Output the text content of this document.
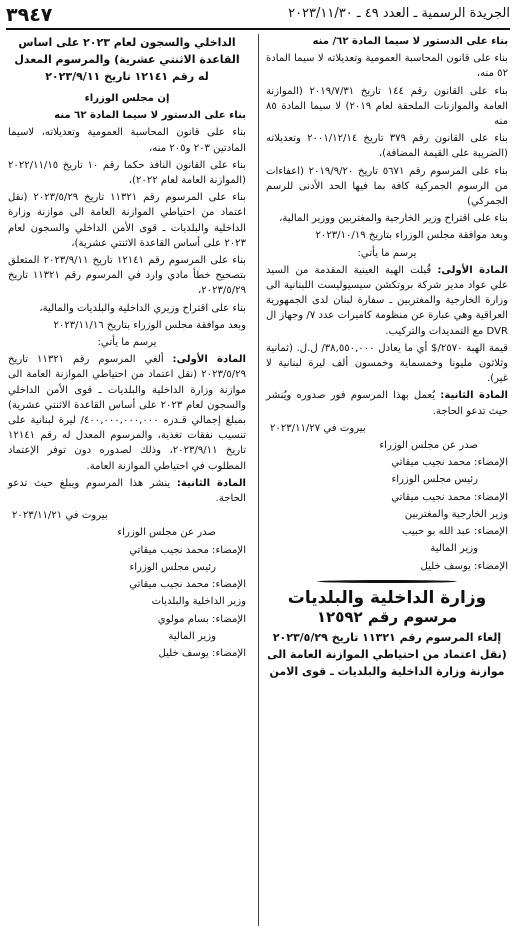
الجريدة الرسمية ـ العدد ٤٩ ـ ٢٠٢٣/١١/٣٠
٣٩٤٧

بناء على الدستور لا سيما المادة ٦٢/ منه

بناء على قانون المحاسبة العمومية وتعديلاته لا سيما المادة ٥٢ منه،

بناء على القانون رقم ١٤٤ تاريخ ٢٠١٩/٧/٣١ (الموازنة العامة والموازنات الملحقة لعام ٢٠١٩) لا سيما المادة ٨٥ منه

بناء على القانون رقم ٣٧٩ تاريخ ٢٠٠١/١٢/١٤ وتعديلاته (الضريبة على القيمة المضافة)،

بناء على المرسوم رقم ٥٦٧١ تاريخ ٢٠١٩/٩/٢٠ (اعفاءات من الرسوم الجمركية كافة بما فيها الحد الأدنى للرسم الجمركي)

بناء على اقتراح وزير الخارجية والمغتربين ووزير المالية،

وبعد موافقة مجلس الوزراء بتاريخ ٢٠٢٣/١٠/١٩

يرسم ما يأتي:

المادة الأولى: قُبلت الهبة العينية المقدمة من السيد علي عواد مدير شركة بروتكشن سيسيوليست اللبنانية الى وزارة الخارجية والمغتربين ـ سفارة لبنان لدى الجمهورية العراقية وهي عبارة عن منظومة كاميرات عدد ٧/ وجهاز ال DVR مع التمديدات والتركيب.

قيمة الهبة ٢٥٧٠/$ أي ما يعادل ٣٨,٥٥٠,٠٠٠/ ل.ل. (ثمانية وثلاثون مليونا وخمسماية وخمسون ألف ليرة لبنانية لا غير).

المادة الثانية: يُعمل بهذا المرسوم فور صدوره ويُنشر حيث تدعو الحاجة.

بيروت في ٢٠٢٣/١١/٢٧

صدر عن مجلس الوزراء

الإمضاء: محمد نجيب ميقاتي

رئيس مجلس الوزراء

الإمضاء: محمد نجيب ميقاتي

وزير الخارجية والمغتربين

الإمضاء: عبد الله بو حبيب

وزير المالية

الإمضاء: يوسف خليل

وزارة الداخلية والبلديات
مرسوم رقم ١٢٥٩٢
إلغاء المرسوم رقم ١١٣٢١ تاريخ ٢٠٢٣/٥/٢٩ (نقل اعتماد من احتياطي الموازنة العامة الى موازنة وزارة الداخلية والبلديات ـ قوى الامن
الداخلي والسجون لعام ٢٠٢٣ على اساس القاعدة الاثنتي عشرية) والمرسوم المعدل له رقم ١٢١٤١ تاريخ ٢٠٢٣/٩/١١

إن مجلس الوزراء

بناء على الدستور لا سيما المادة ٦٢ منه

بناء على قانون المحاسبة العمومية وتعديلاته، لاسيما المادتين ٢٠٣ و٢٠٥ منه،

بناء على القانون النافذ حكما رقم ١٠ تاريخ ٢٠٢٢/١١/١٥ (الموازنة العامة لعام ٢٠٢٢)،

بناء على المرسوم رقم ١١٣٢١ تاريخ ٢٠٢٣/٥/٢٩ (نقل اعتماد من احتياطي الموازنة العامة الى موازنة وزارة الداخلية والبلديات ـ قوى الأمن الداخلي والسجون لعام ٢٠٢٣ على أساس القاعدة الاثنتي عشرية)،

بناء على المرسوم رقم ١٢١٤١ تاريخ ٢٠٢٣/٩/١١ المتعلق بتصحيح خطأ مادي وارد في المرسوم رقم ١١٣٢١ تاريخ ٢٠٢٣/٥/٢٩،

بناء على اقتراح وزيري الداخلية والبلديات والمالية،

وبعد موافقة مجلس الوزراء بتاريخ ٢٠٢٣/١١/١٦

يرسم ما يأتي:

المادة الأولى: ألغي المرسوم رقم ١١٣٢١ تاريخ ٢٠٢٣/٥/٢٩ (نقل اعتماد من احتياطي الموازنة العامة الى موازنة وزارة الداخلية والبلديات ـ قوى الأمن الداخلي والسجون لعام ٢٠٢٣ على أساس القاعدة الاثنتي عشرية) بمبلغ إجمالي قـدره ٤٠٠,٠٠٠,٠٠٠,٠٠٠/ ليرة لبنانية على تنسيب نفقات تغذية، والمرسوم المعدل له رقم ١٢١٤١ تاريخ ٢٠٢٣/٩/١١، وذلك لصدوره دون توفر الإعتماد المطلوب في احتياطي الموازنة العامة.

المادة الثانية: ينشر هذا المرسوم ويبلغ حيث تدعو الحاجة.

بيروت في ٢٠٢٣/١١/٢١

صدر عن مجلس الوزراء

الإمضاء: محمد نجيب ميقاتي

رئيس مجلس الوزراء

الإمضاء: محمد نجيب ميقاتي

وزير الداخلية والبلديات

الإمضاء: بسام مولوي

وزير المالية

الإمضاء: يوسف خليل
